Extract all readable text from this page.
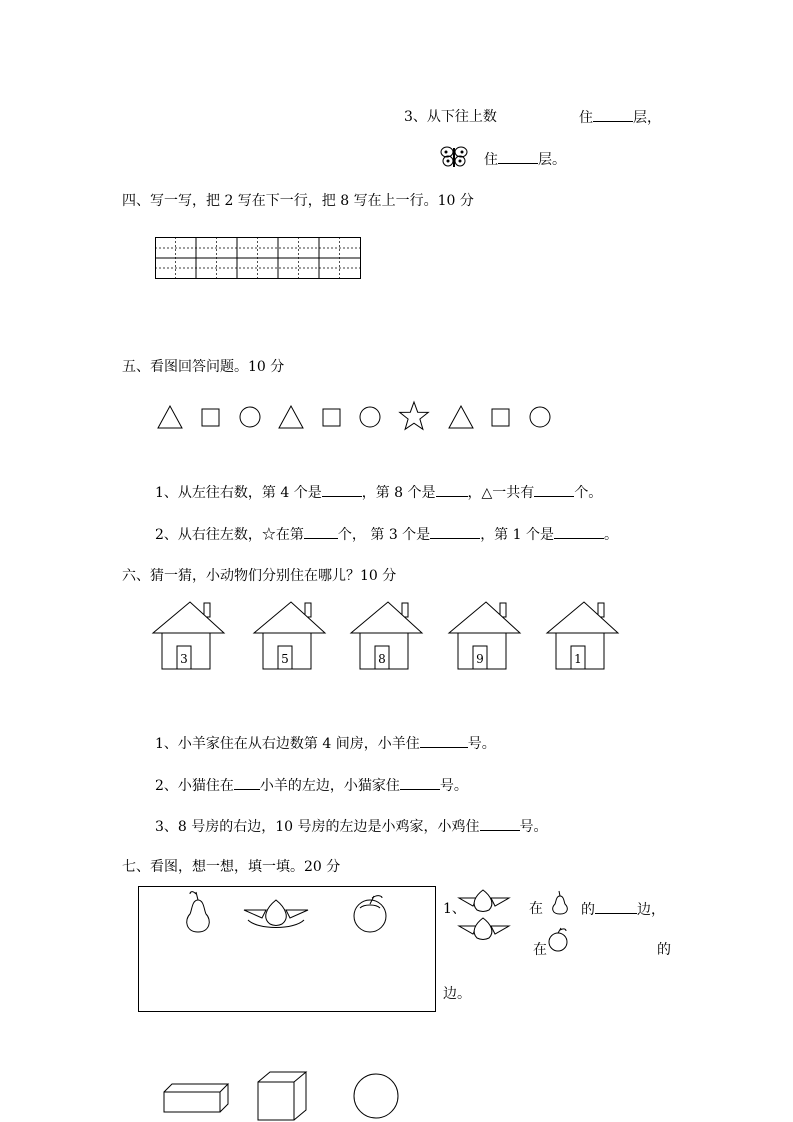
3、从下往上数	住	层，
住	层。
四、写一写，把 2 写在下一行，把 8 写在上一行。10 分
五、看图回答问题。10 分
1、从左往右数，第 4 个是	，第 8 个是 ，△一共有	个。
2、从右往左数，☆在第 个， 第 3 个是	，第 1 个是	。
六、猜一猜，小动物们分别住在哪儿？10 分
3	5	8	9	1
1、小羊家住在从右边数第 4 间房，小羊住	号。
2、小猫住在 小羊的左边，小猫家住	号。
3、8 号房的右边，10 号房的左边是小鸡家，小鸡住	号。
七、看图，想一想，填一填。20 分
1、	在	的	边，
在	的
边。
